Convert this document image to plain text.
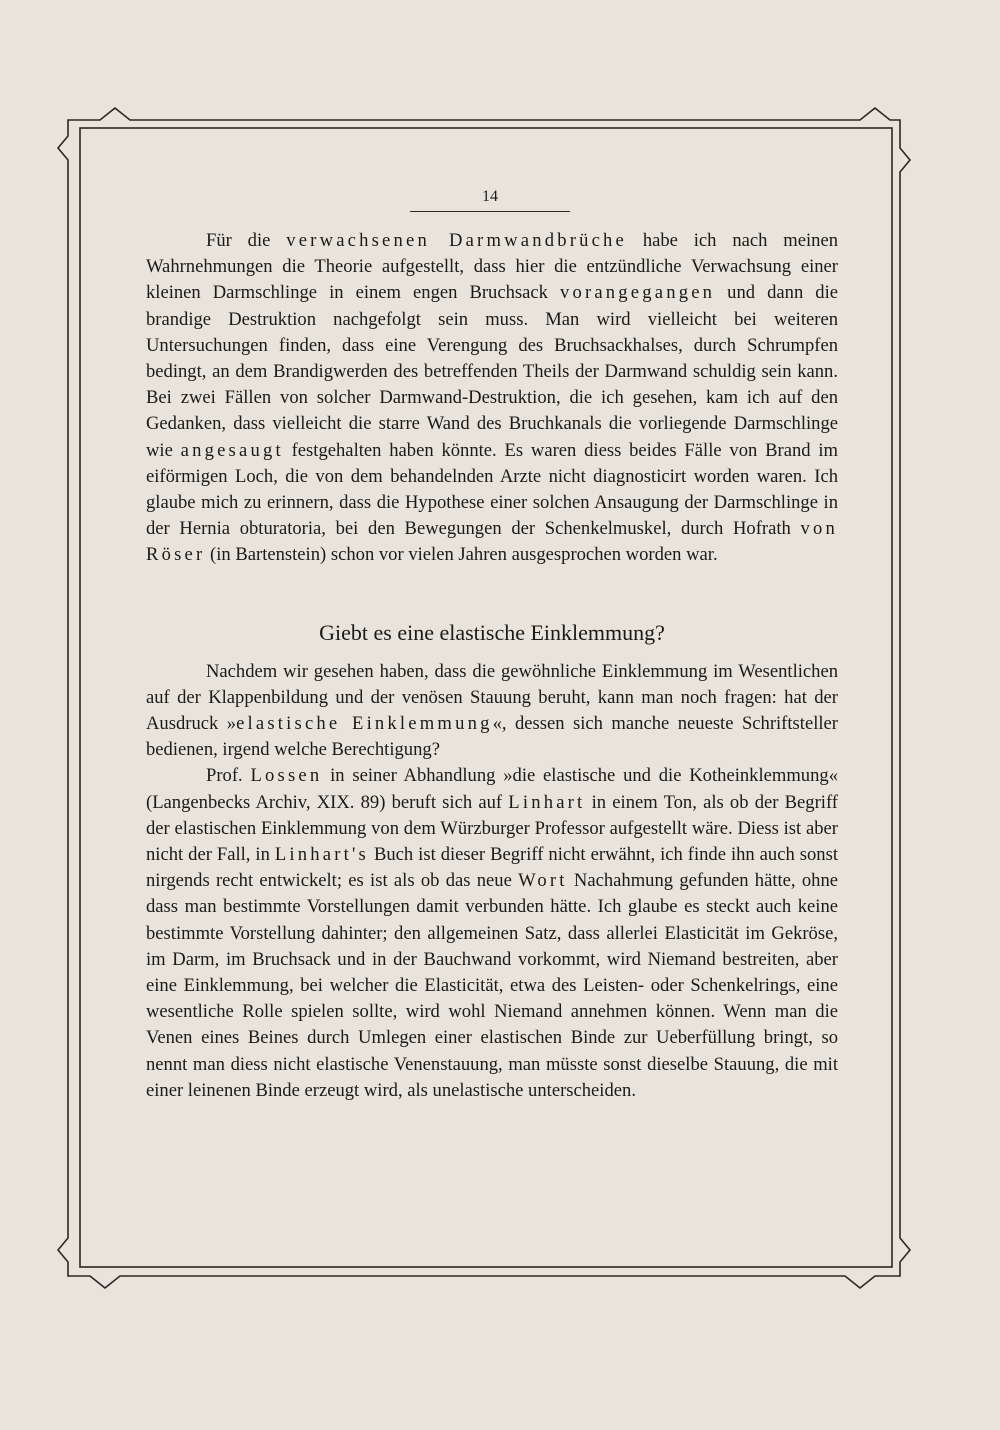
14

Für die verwachsenen Darmwandbrüche habe ich nach meinen Wahrnehmungen die Theorie aufgestellt, dass hier die entzündliche Verwachsung einer kleinen Darmschlinge in einem engen Bruchsack vorangegangen und dann die brandige Destruktion nachgefolgt sein muss. Man wird vielleicht bei weiteren Untersuchungen finden, dass eine Verengung des Bruchsackhalses, durch Schrumpfen bedingt, an dem Brandigwerden des betreffenden Theils der Darmwand schuldig sein kann. Bei zwei Fällen von solcher Darmwand-Destruktion, die ich gesehen, kam ich auf den Gedanken, dass vielleicht die starre Wand des Bruchkanals die vorliegende Darmschlinge wie angesaugt festgehalten haben könnte. Es waren diess beides Fälle von Brand im eiförmigen Loch, die von dem behandelnden Arzte nicht diagnosticirt worden waren. Ich glaube mich zu erinnern, dass die Hypothese einer solchen Ansaugung der Darmschlinge in der Hernia obturatoria, bei den Bewegungen der Schenkelmuskel, durch Hofrath von Röser (in Bartenstein) schon vor vielen Jahren ausgesprochen worden war.

Giebt es eine elastische Einklemmung?

Nachdem wir gesehen haben, dass die gewöhnliche Einklemmung im Wesentlichen auf der Klappenbildung und der venösen Stauung beruht, kann man noch fragen: hat der Ausdruck »elastische Einklemmung«, dessen sich manche neueste Schriftsteller bedienen, irgend welche Berechtigung?

Prof. Lossen in seiner Abhandlung »die elastische und die Kotheinklemmung« (Langenbecks Archiv, XIX. 89) beruft sich auf Linhart in einem Ton, als ob der Begriff der elastischen Einklemmung von dem Würzburger Professor aufgestellt wäre. Diess ist aber nicht der Fall, in Linhart's Buch ist dieser Begriff nicht erwähnt, ich finde ihn auch sonst nirgends recht entwickelt; es ist als ob das neue Wort Nachahmung gefunden hätte, ohne dass man bestimmte Vorstellungen damit verbunden hätte. Ich glaube es steckt auch keine bestimmte Vorstellung dahinter; den allgemeinen Satz, dass allerlei Elasticität im Gekröse, im Darm, im Bruchsack und in der Bauchwand vorkommt, wird Niemand bestreiten, aber eine Einklemmung, bei welcher die Elasticität, etwa des Leisten- oder Schenkelrings, eine wesentliche Rolle spielen sollte, wird wohl Niemand annehmen können. Wenn man die Venen eines Beines durch Umlegen einer elastischen Binde zur Ueberfüllung bringt, so nennt man diess nicht elastische Venenstauung, man müsste sonst dieselbe Stauung, die mit einer leinenen Binde erzeugt wird, als unelastische unterscheiden.
